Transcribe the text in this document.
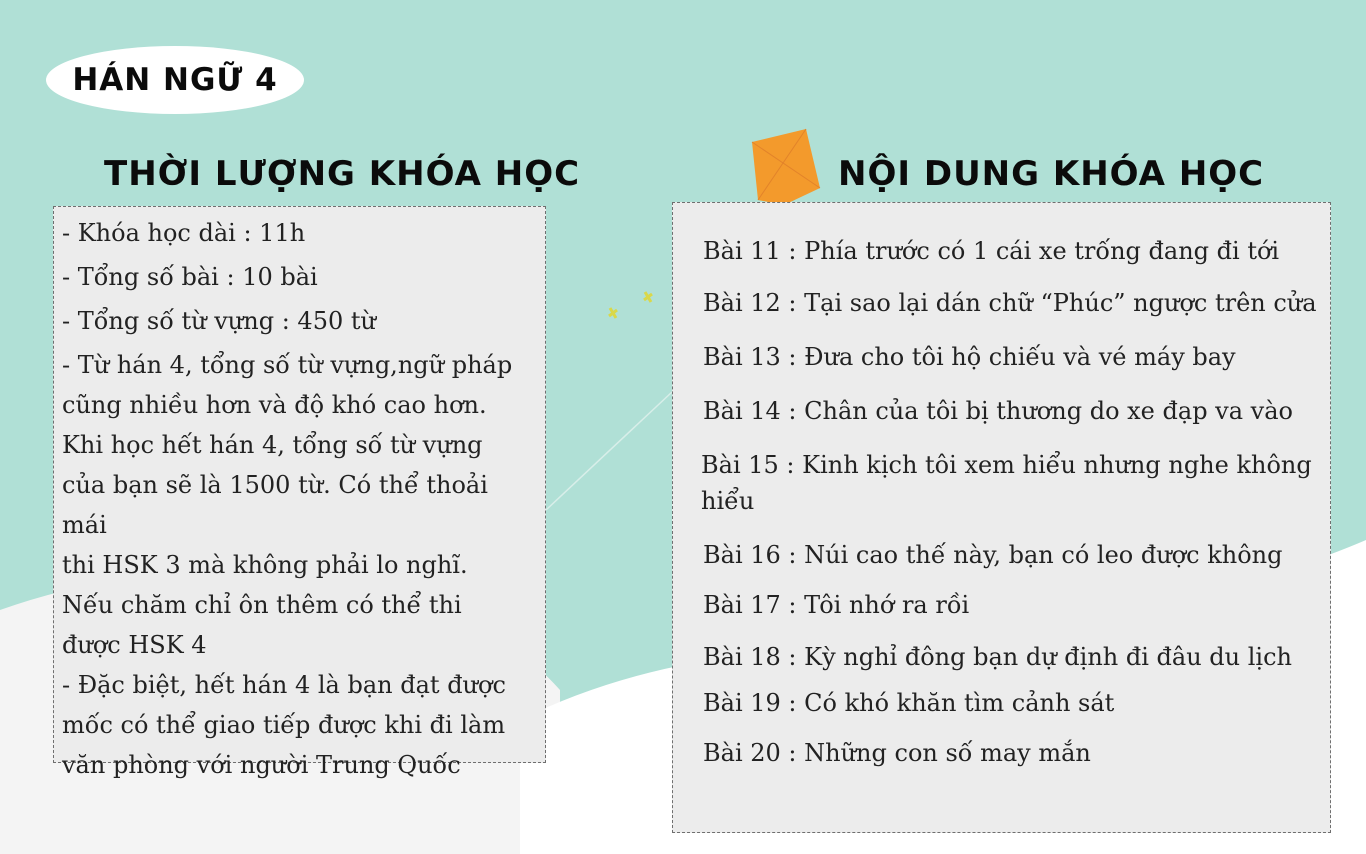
HÁN NGỮ 4
THỜI LƯỢNG KHÓA HỌC	NỘI DUNG KHÓA HỌC

- Khóa học dài : 11h

- Tổng số bài : 10 bài

- Tổng số từ vựng : 450 từ

- Từ hán 4, tổng số từ vựng,ngữ pháp

cũng nhiều hơn và độ khó cao hơn.

Khi học hết hán 4, tổng số từ vựng

của bạn sẽ là 1500 từ. Có thể thoải mái

thi HSK 3 mà không phải lo nghĩ.

Nếu chăm chỉ ôn thêm có thể thi

được HSK 4

- Đặc biệt, hết hán 4 là bạn đạt được

mốc có thể giao tiếp được khi đi làm

văn phòng với người Trung Quốc

Bài 11 : Phía trước có 1 cái xe trống đang đi tới

Bài 12 : Tại sao lại dán chữ “Phúc” ngược trên cửa

Bài 13 : Đưa cho tôi hộ chiếu và vé máy bay

Bài 14 : Chân của tôi bị thương do xe đạp va vào

Bài 15 : Kinh kịch tôi xem hiểu nhưng nghe không hiểu

Bài 16 : Núi cao thế này, bạn có leo được không

Bài 17 : Tôi nhớ ra rồi

Bài 18 : Kỳ nghỉ đông bạn dự định đi đâu du lịch

Bài 19 : Có khó khăn tìm cảnh sát

Bài 20 : Những con số may mắn
